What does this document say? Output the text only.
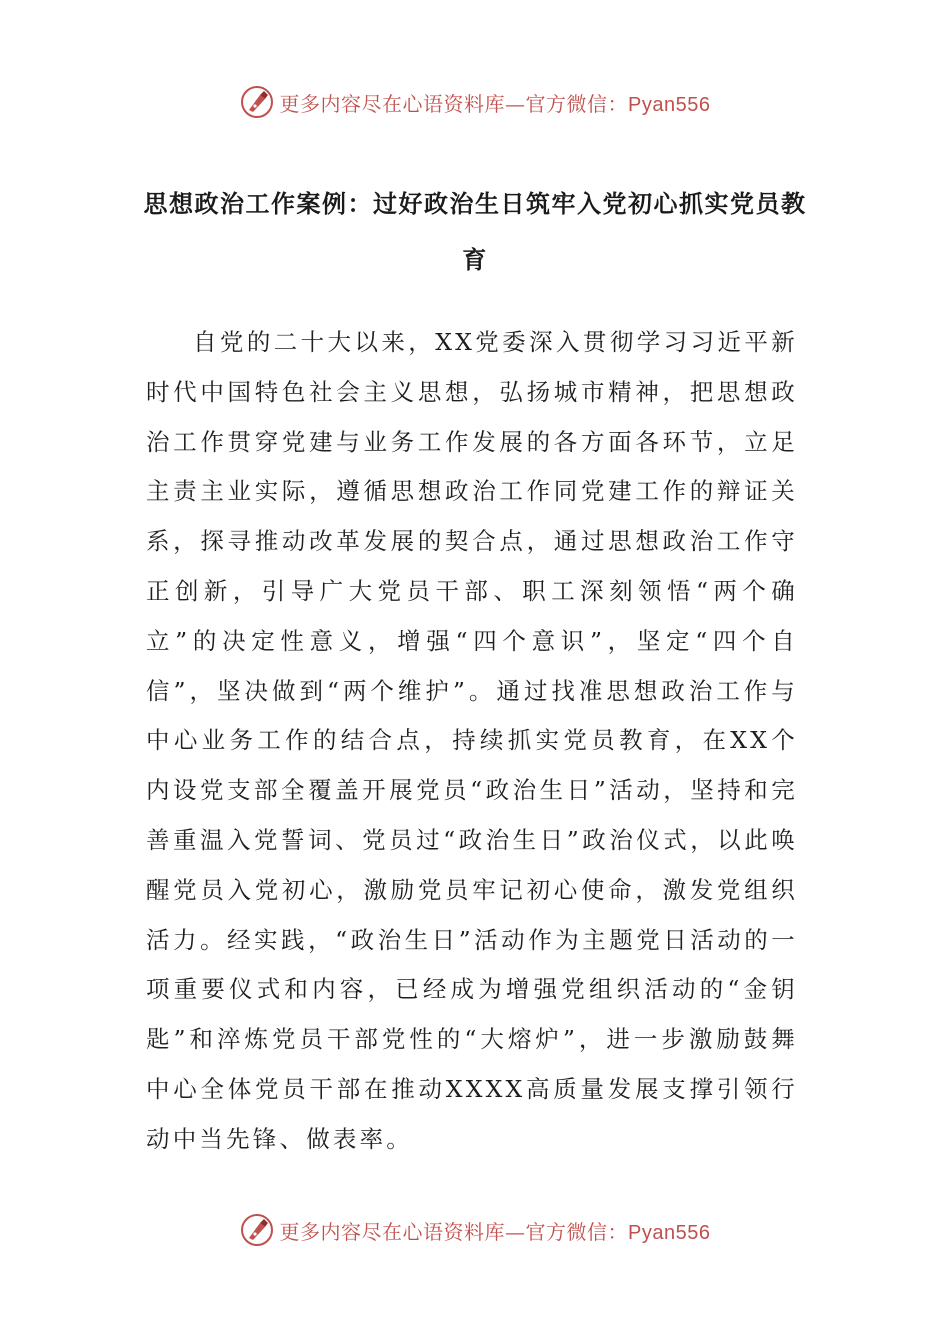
更多内容尽在心语资料库—官方微信：Pyan556
思想政治工作案例：过好政治生日筑牢入党初心抓实党员教育

自党的二十大以来，XX党委深入贯彻学习习近平新时代中国特色社会主义思想，弘扬城市精神，把思想政治工作贯穿党建与业务工作发展的各方面各环节，立足主责主业实际，遵循思想政治工作同党建工作的辩证关系，探寻推动改革发展的契合点，通过思想政治工作守正创新，引导广大党员干部、职工深刻领悟“两个确立”的决定性意义，增强“四个意识”，坚定“四个自信”，坚决做到“两个维护”。通过找准思想政治工作与中心业务工作的结合点，持续抓实党员教育，在XX个内设党支部全覆盖开展党员“政治生日”活动，坚持和完善重温入党誓词、党员过“政治生日”政治仪式，以此唤醒党员入党初心，激励党员牢记初心使命，激发党组织活力。经实践，“政治生日”活动作为主题党日活动的一项重要仪式和内容，已经成为增强党组织活动的“金钥匙”和淬炼党员干部党性的“大熔炉”，进一步激励鼓舞中心全体党员干部在推动XXXX高质量发展支撑引领行动中当先锋、做表率。

更多内容尽在心语资料库—官方微信：Pyan556
